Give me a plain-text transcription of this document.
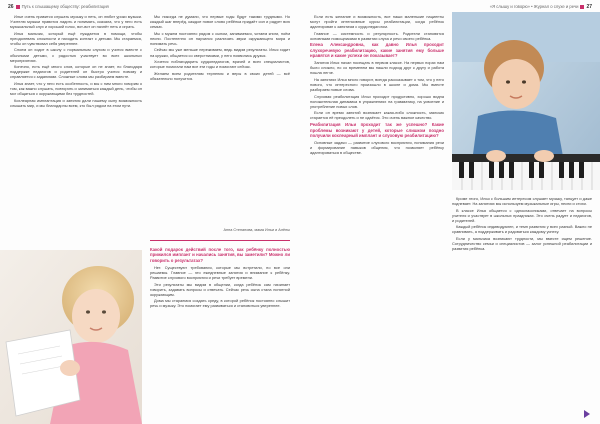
26 Путь к слышащему обществу: реабилитация

Илье очень нравится слушать музыку и петь, он любит уроки музыки. Учителю музыки нравится ладить и понимать, сказала, что у него есть музыкальный слух и хороший голос, вот-вот он начнёт петь и играть.

Илья мальчик, который ещё нуждается в помощи, чтобы преодолевать сложности и находить контакт с детьми. Мы стараемся, чтобы он чувствовал себя увереннее.

Слоем он ходит в школу с нормальным слухом и учится вместе с обычными детьми, с радостью участвует во всех школьных мероприятиях.

Конечно, есть ещё много слов, которые он не знает, но благодаря поддержке педагогов и родителей он быстро учится новому и справляется с заданиями. Сложные слова мы разбираем вместе.

Илья знает, что у него есть особенность, и мы с ним много говорим о том, как важно слушать, повторять и заниматься каждый день, чтобы он мог общаться с окружающими без трудностей.

Кохлеарная имплантация и занятия дали нашему сыну возможность слышать мир, и мы благодарны всем, кто был рядом на этом пути.

Мы никогда не думали, что первые годы будут такими трудными. Но каждый шаг вперёд, каждое новое слово ребёнка придаёт сил и радует всю семью.

Мы с мужем постоянно рядом с сыном, занимаемся, читаем книги, поём песни. Постепенно он научился различать звуки окружающего мира и понимать речь.

Сейчас мы уже меньше переживаем, ведь видим результаты. Илья ходит на кружки, общается со сверстниками, у него появились друзья.

Хочется поблагодарить сурдопедагогов, врачей и всех специалистов, которые помогали нам все эти годы и помогают сейчас.

Желаем всем родителям терпения и веры в своих детей — всё обязательно получится.

Анна Степанова, мама Ильи и Алёны

Какой подарок действий после того, как ребёнку полностью прижился имплант и начались занятия, вы заметили? Можно ли говорить о результатах?

Нет. Существуют требования, которые мы встретили, но все они решаемы. Главное — это ежедневные занятия и внимание к ребёнку. Развитие слухового восприятия и речи требует времени.

Эти результаты мы видим в общении, когда ребёнок сам начинает говорить, задавать вопросы и отвечать. Сейчас речь сына стала понятной окружающим.

Дома мы стараемся создать среду, в которой ребёнок постоянно слышит речь и музыку. Это помогает ему развиваться и становиться увереннее.

«Я слышу и говорю» • Журнал о слухе и речи 27

Если есть желание и возможность, все наши маленькие пациенты могут пройти интенсивные курсы реабилитации, когда ребёнок адаптирован к занятиям с сурдопедагогом.

Главное — системность и регулярность. Родители становятся основными помощниками в развитии слуха и речи своего ребёнка.

Елена Александровна, как давно Илья проходит слухоречевую реабилитацию, какие занятия ему больше нравятся и какие успехи он показывает?

Занятия Илья начал посещать в первом классе. На первых порах нам было сложно, но со временем мы нашли подход друг к другу и работа пошла легче.

На занятиях Илья много говорит, всегда рассказывает о том, что у него нового, что интересного произошло в школе и дома. Мы вместе разбираем новые слова.

Слуховая реабилитация Ильи проходит продуктивно, хорошо видна положительная динамика в упражнениях на грамматику, на усвоение и употребление новых слов.

Если он время занятий возникает какая-либо сложность, мальчик старается её преодолеть и не сдаётся. Это очень важное качество.

Реабилитация Ильи проходит так же успешно? Какие проблемы возникают у детей, которые слишком поздно получили кохлеарный имплант и слуховую реабилитацию?

Основные задачи — развитие слухового восприятия, понимания речи и формирование навыков общения, что позволяет ребёнку адаптироваться в обществе.

Кроме этого, Илья с большим интересом слушает музыку, танцует и даже подпевает. На занятиях мы используем музыкальные игры, песни и стихи.

В классе Илья общается с одноклассниками, отвечает на вопросы учителя и участвует в школьных праздниках. Это очень радует и педагогов, и родителей.

Каждый ребёнок индивидуален, и темп развития у всех разный. Важно не сравнивать, а поддерживать и радоваться каждому успеху.

Если у мальчика возникают трудности, мы вместе ищем решение. Сотрудничество семьи и специалистов — залог успешной реабилитации и развития ребёнка.
